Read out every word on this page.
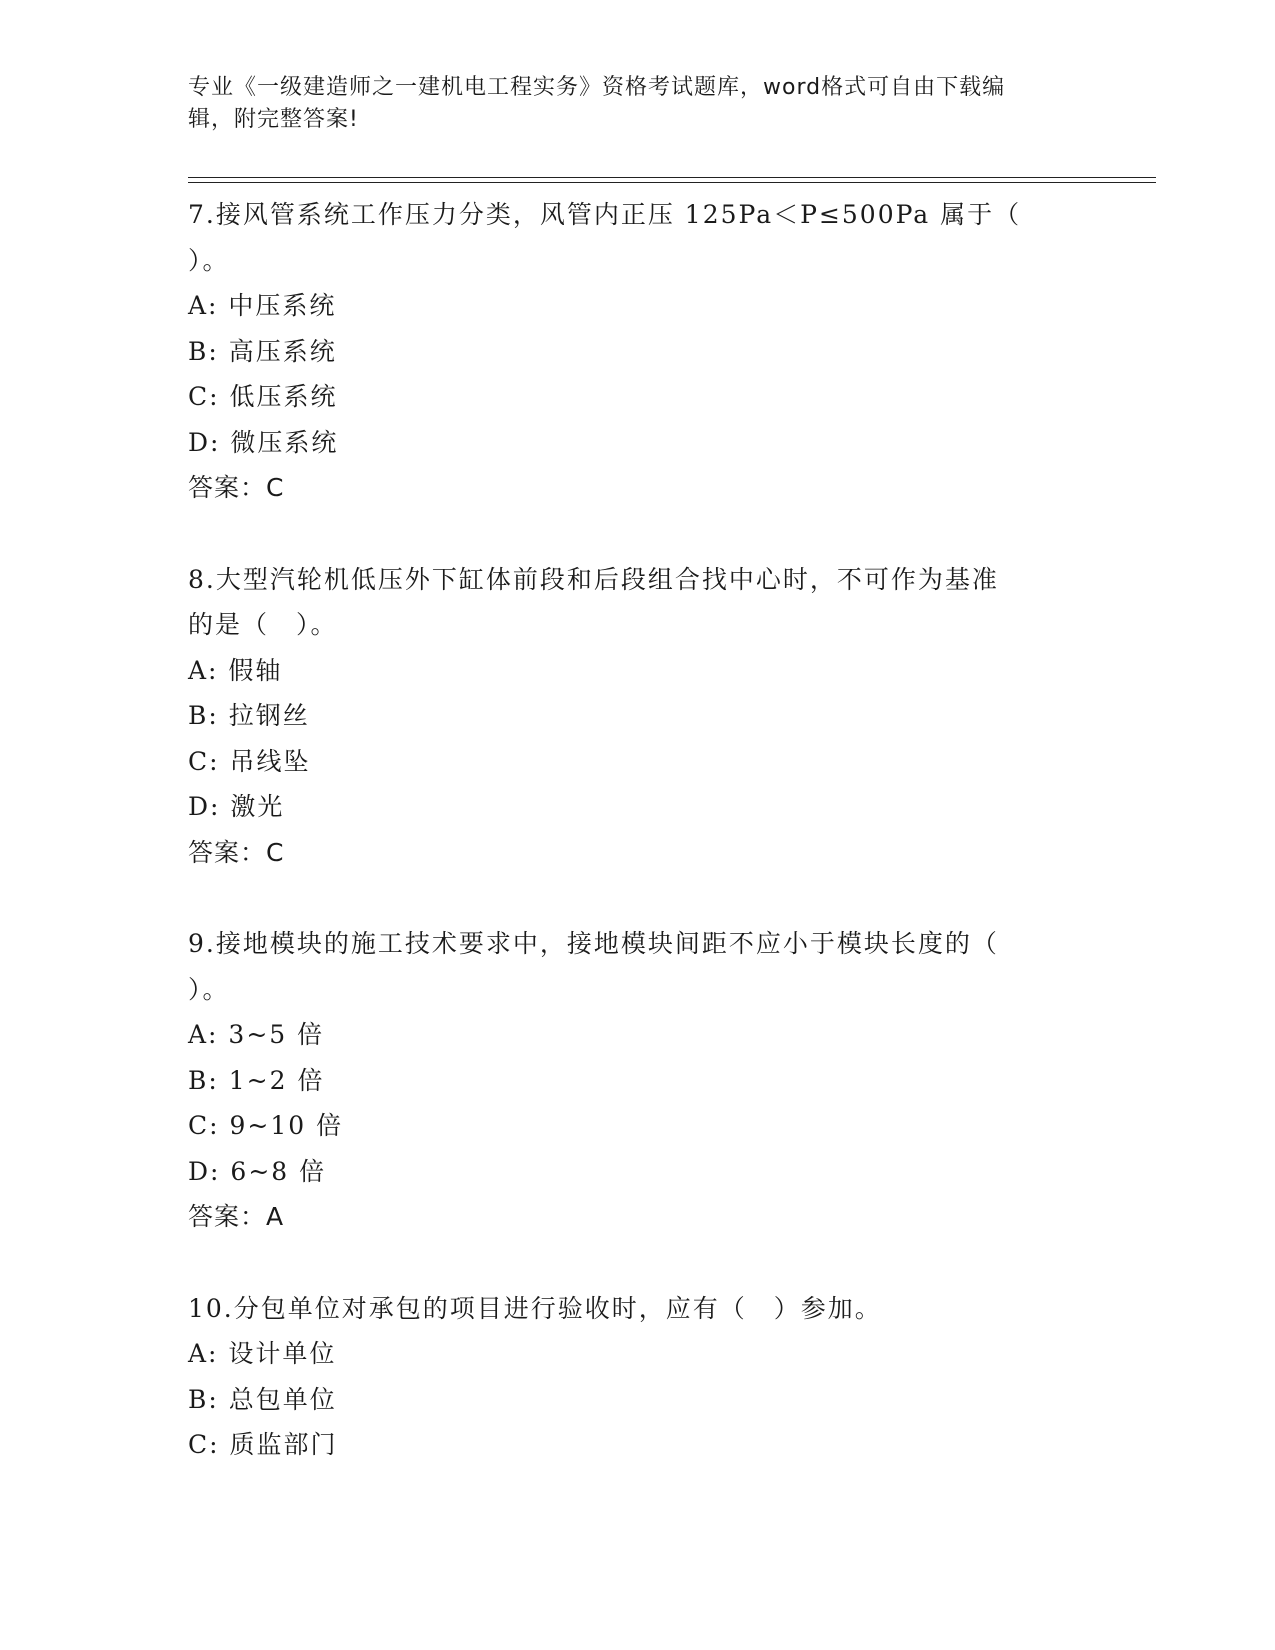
专业《一级建造师之一建机电工程实务》资格考试题库，word格式可自由下载编
辑，附完整答案!
7.接风管系统工作压力分类，风管内正压 125Pa＜P≤500Pa 属于（
）。
A: 中压系统
B: 高压系统
C: 低压系统
D: 微压系统
答案：C
8.大型汽轮机低压外下缸体前段和后段组合找中心时，不可作为基准
的是（　）。
A: 假轴
B: 拉钢丝
C: 吊线坠
D: 激光
答案：C
9.接地模块的施工技术要求中，接地模块间距不应小于模块长度的（
）。
A: 3~5 倍
B: 1~2 倍
C: 9~10 倍
D: 6~8 倍
答案：A
10.分包单位对承包的项目进行验收时，应有（　）参加。
A: 设计单位
B: 总包单位
C: 质监部门
